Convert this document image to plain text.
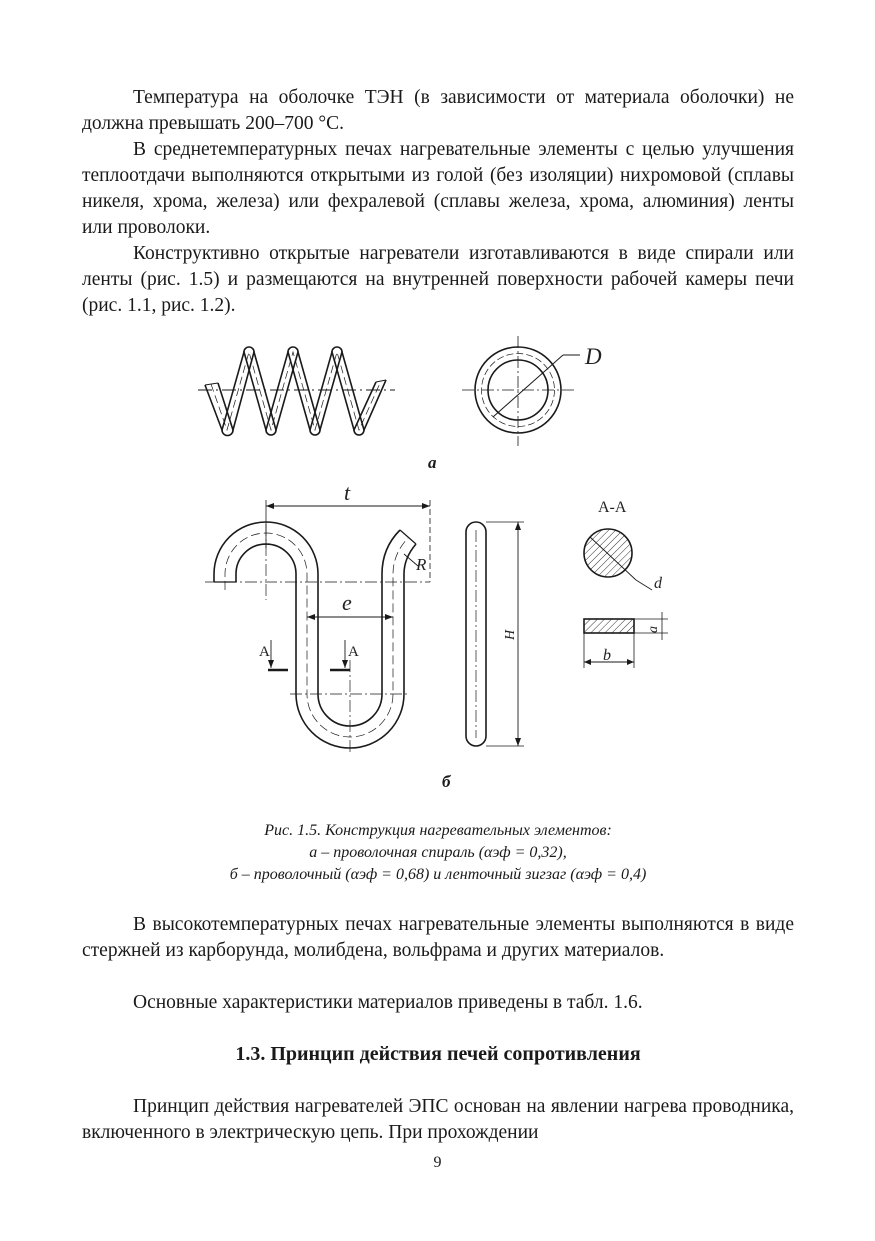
Температура на оболочке ТЭН (в зависимости от материала оболочки) не должна превышать 200–700 °С.

В среднетемпературных печах нагревательные элементы с целью улучшения теплоотдачи выполняются открытыми из голой (без изоляции) нихромовой (сплавы никеля, хрома, железа) или фехралевой (сплавы железа, хрома, алюминия) ленты или проволоки.

Конструктивно открытые нагреватели изготавливаются в виде спирали или ленты (рис. 1.5) и размещаются на внутренней поверхности рабочей камеры печи (рис. 1.1, рис. 1.2).

D
t
R
e
А	А
H
А-А
d
a
b
а
б

Рис. 1.5. Конструкция нагревательных элементов:
а – проволочная спираль (αэф = 0,32),
б – проволочный (αэф = 0,68) и ленточный зигзаг (αэф = 0,4)

В высокотемпературных печах нагревательные элементы выполняются в виде стержней из карборунда, молибдена, вольфрама и других материалов.

Основные характеристики материалов приведены в табл. 1.6.

1.3. Принцип действия печей сопротивления

Принцип действия нагревателей ЭПС основан на явлении нагрева проводника, включенного в электрическую цепь. При прохождении

9
